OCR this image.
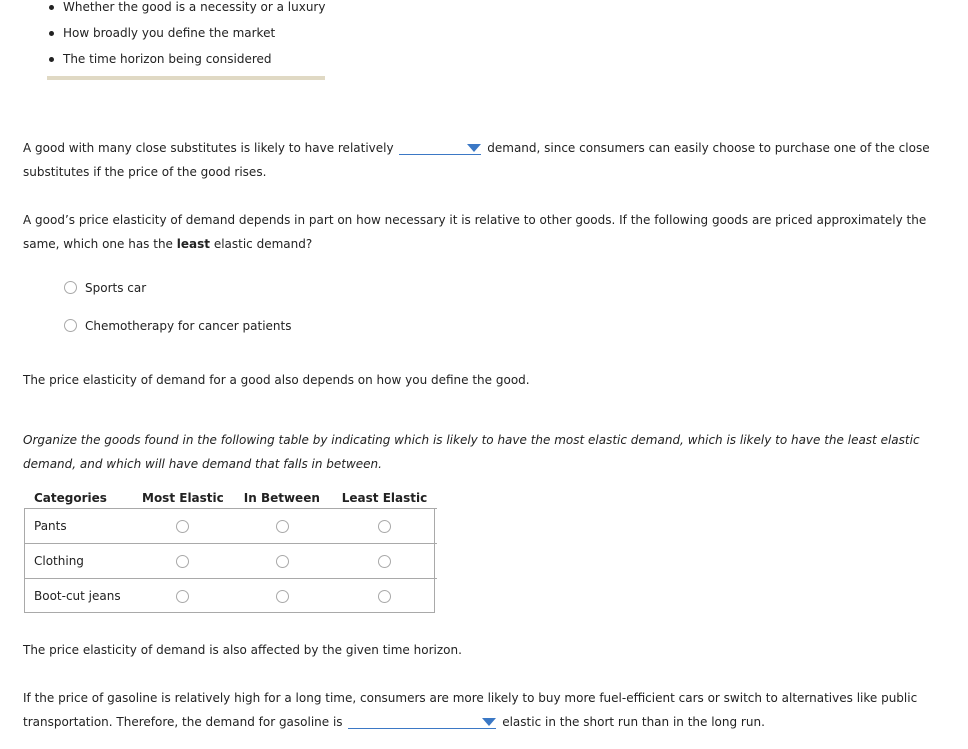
Whether the good is a necessity or a luxury
How broadly you define the market
The time horizon being considered
A good with many close substitutes is likely to have relatively	demand, since consumers can easily choose to purchase one of the close
substitutes if the price of the good rises.
A good’s price elasticity of demand depends in part on how necessary it is relative to other goods. If the following goods are priced approximately the
same, which one has the least elastic demand?
Sports car
Chemotherapy for cancer patients
The price elasticity of demand for a good also depends on how you define the good.
Organize the goods found in the following table by indicating which is likely to have the most elastic demand, which is likely to have the least elastic
demand, and which will have demand that falls in between.
Categories	Most Elastic	In Between	Least Elastic
Pants			
Clothing			
Boot-cut jeans			
The price elasticity of demand is also affected by the given time horizon.
If the price of gasoline is relatively high for a long time, consumers are more likely to buy more fuel-efficient cars or switch to alternatives like public
transportation. Therefore, the demand for gasoline is	elastic in the short run than in the long run.
